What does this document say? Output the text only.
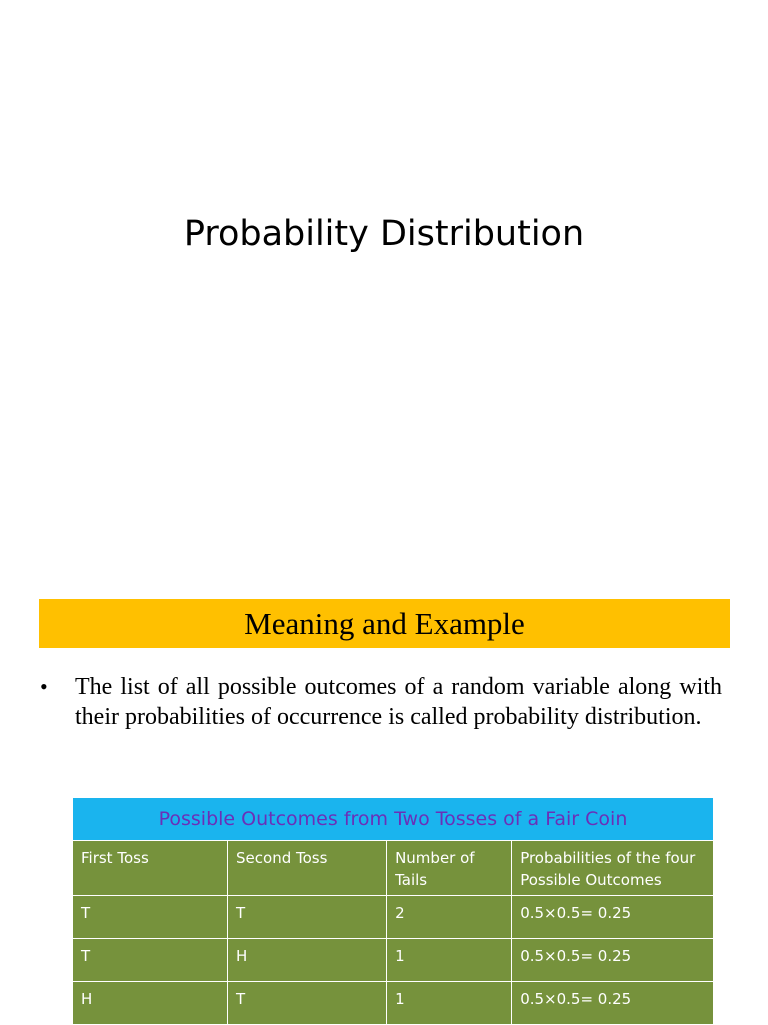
Probability Distribution
Meaning and Example
•	The list of all possible outcomes of a random variable along with their probabilities of occurrence is called probability distribution.
Possible Outcomes from Two Tosses of a Fair Coin			
First Toss	Second Toss	Number of Tails	Probabilities of the four Possible Outcomes
T	T	2	0.5×0.5= 0.25
T	H	1	0.5×0.5= 0.25
H	T	1	0.5×0.5= 0.25
